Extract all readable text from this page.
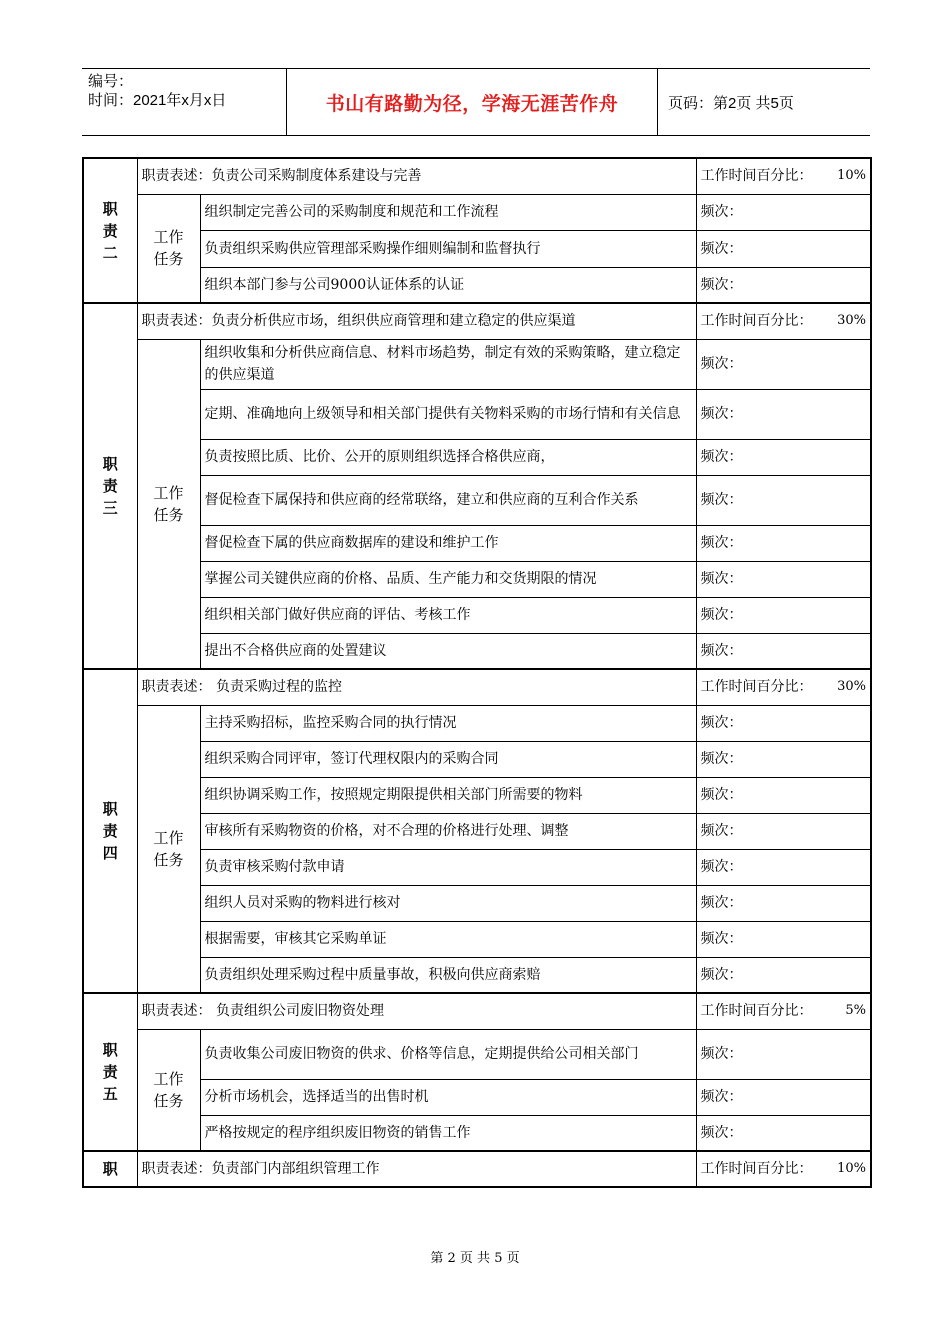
编号：
时间：2021年x月x日	书山有路勤为径，学海无涯苦作舟	页码：第2页 共5页
职责二	职责表述：负责公司采购制度体系建设与完善		工作时间百分比： 10%

	工作任务	组织制定完善公司的采购制度和规范和工作流程	频次：
		负责组织采购供应管理部采购操作细则编制和监督执行	频次：
		组织本部门参与公司9000认证体系的认证	频次：
职责三	职责表述：负责分析供应市场，组织供应商管理和建立稳定的供应渠道		工作时间百分比： 30%

	工作任务	组织收集和分析供应商信息、材料市场趋势，制定有效的采购策略，建立稳定的供应渠道	频次：
		定期、准确地向上级领导和相关部门提供有关物料采购的市场行情和有关信息	频次：
		负责按照比质、比价、公开的原则组织选择合格供应商，	频次：
		督促检查下属保持和供应商的经常联络，建立和供应商的互利合作关系	频次：
		督促检查下属的供应商数据库的建设和维护工作	频次：
		掌握公司关键供应商的价格、品质、生产能力和交货期限的情况	频次：
		组织相关部门做好供应商的评估、考核工作	频次：
		提出不合格供应商的处置建议	频次：
职责四	职责表述： 负责采购过程的监控		工作时间百分比： 30%

	工作任务	主持采购招标，监控采购合同的执行情况	频次：
		组织采购合同评审，签订代理权限内的采购合同	频次：
		组织协调采购工作，按照规定期限提供相关部门所需要的物料	频次：
		审核所有采购物资的价格，对不合理的价格进行处理、调整	频次：
		负责审核采购付款申请	频次：
		组织人员对采购的物料进行核对	频次：
		根据需要，审核其它采购单证	频次：
		负责组织处理采购过程中质量事故，积极向供应商索赔	频次：
职责五	职责表述： 负责组织公司废旧物资处理		工作时间百分比： 5%

	工作任务	负责收集公司废旧物资的供求、价格等信息，定期提供给公司相关部门	频次：
		分析市场机会，选择适当的出售时机	频次：
		严格按规定的程序组织废旧物资的销售工作	频次：
职	职责表述：负责部门内部组织管理工作		工作时间百分比： 10%
第 2 页 共 5 页
